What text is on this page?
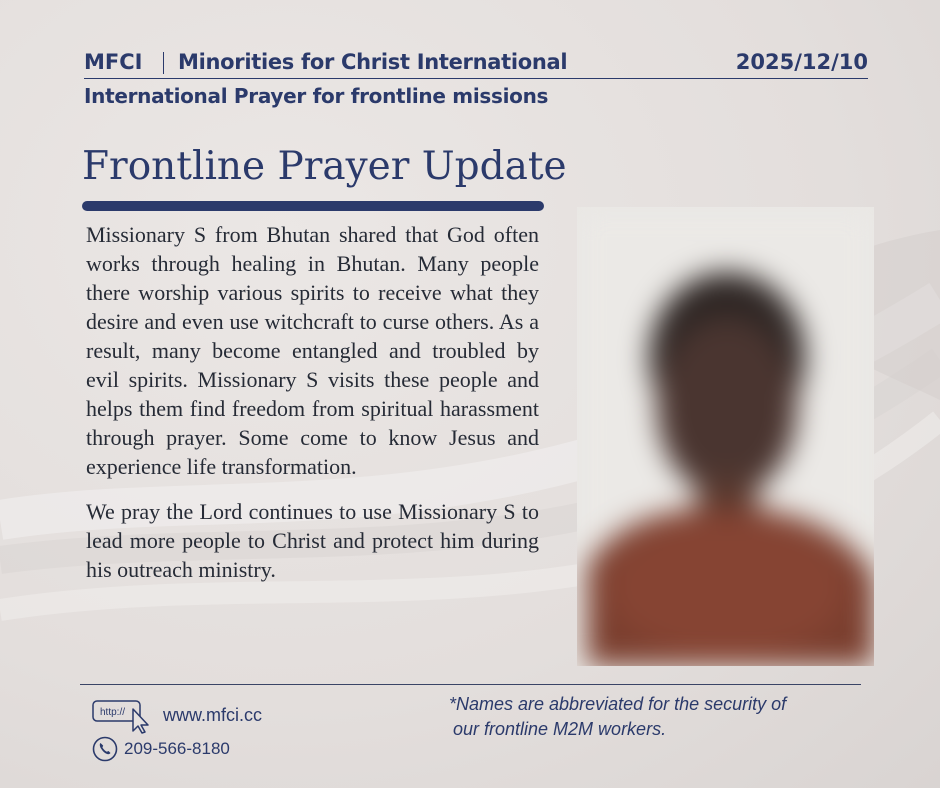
MFCI Minorities for Christ International	2025/12/10
International Prayer for frontline missions
Frontline Prayer Update

Missionary S from Bhutan shared that God often works through healing in Bhutan. Many people there worship various spirits to receive what they desire and even use witchcraft to curse others. As a result, many become entangled and troubled by evil spirits. Missionary S visits these people and helps them find freedom from spiritual harassment through prayer. Some come to know Jesus and experience life transformation.

We pray the Lord continues to use Missionary S to lead more people to Christ and protect him during his outreach ministry.

http:// www.mfci.cc
209-566-8180
*Names are abbreviated for the security of
our frontline M2M workers.
